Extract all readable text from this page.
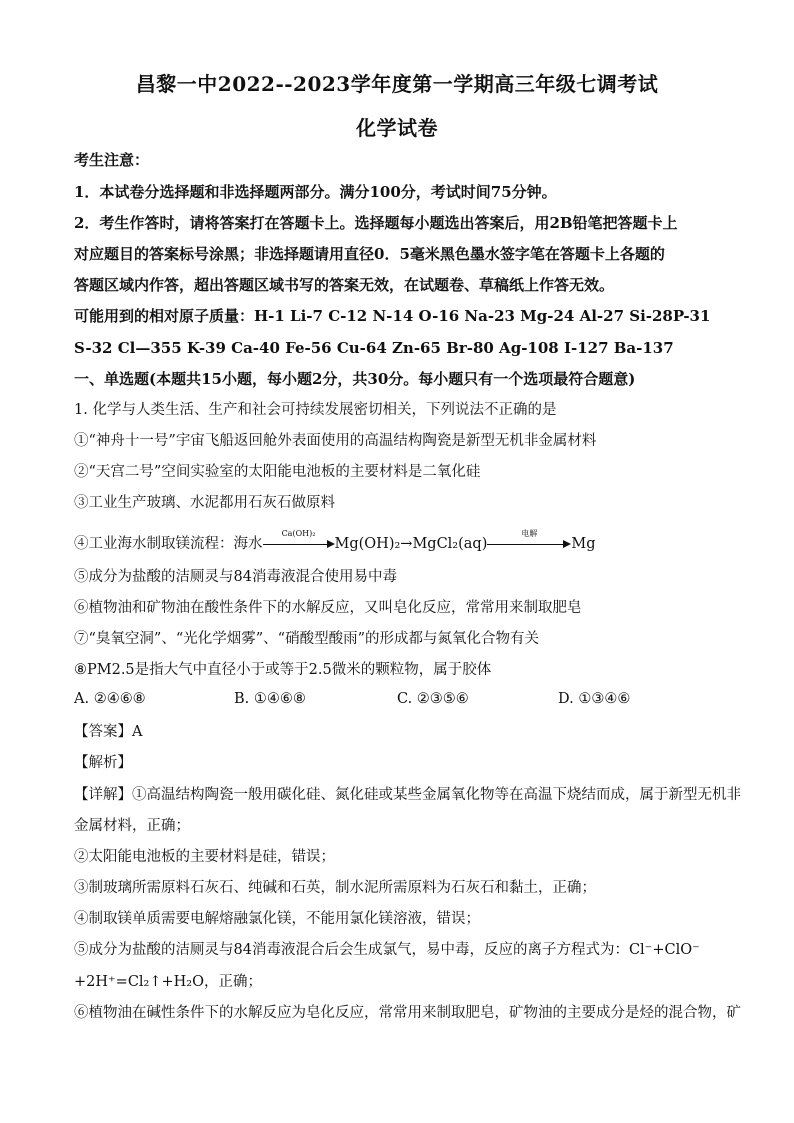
昌黎一中2022--2023学年度第一学期高三年级七调考试
化学试卷
考生注意：
1．本试卷分选择题和非选择题两部分。满分100分，考试时间75分钟。
2．考生作答时，请将答案打在答题卡上。选择题每小题选出答案后，用2B铅笔把答题卡上
对应题目的答案标号涂黑；非选择题请用直径0．5毫米黑色墨水签字笔在答题卡上各题的
答题区域内作答，超出答题区域书写的答案无效，在试题卷、草稿纸上作答无效。
可能用到的相对原子质量：H-1 Li-7 C-12 N-14 O-16 Na-23 Mg-24 Al-27 Si-28P-31
S-32 Cl—355 K-39 Ca-40 Fe-56 Cu-64 Zn-65 Br-80 Ag-108 I-127 Ba-137
一、单选题(本题共15小题，每小题2分，共30分。每小题只有一个选项最符合题意)
1. 化学与人类生活、生产和社会可持续发展密切相关，下列说法不正确的是
①“神舟十一号”宇宙飞船返回舱外表面使用的高温结构陶瓷是新型无机非金属材料
②“天宫二号”空间实验室的太阳能电池板的主要材料是二氧化硅
③工业生产玻璃、水泥都用石灰石做原料
④工业海水制取镁流程：海水
Ca(OH)₂
Mg(OH)₂→MgCl₂(aq)
电解
Mg
⑤成分为盐酸的洁厕灵与84消毒液混合使用易中毒
⑥植物油和矿物油在酸性条件下的水解反应，又叫皂化反应，常常用来制取肥皂
⑦“臭氧空洞”、“光化学烟雾”、“硝酸型酸雨”的形成都与氮氧化合物有关
⑧PM2.5是指大气中直径小于或等于2.5微米的颗粒物，属于胶体
A. ②④⑥⑧	B. ①④⑥⑧	C. ②③⑤⑥	D. ①③④⑥
【答案】A
【解析】
【详解】①高温结构陶瓷一般用碳化硅、氮化硅或某些金属氧化物等在高温下烧结而成，属于新型无机非
金属材料，正确；
②太阳能电池板的主要材料是硅，错误；
③制玻璃所需原料石灰石、纯碱和石英，制水泥所需原料为石灰石和黏土，正确；
④制取镁单质需要电解熔融氯化镁，不能用氯化镁溶液，错误；
⑤成分为盐酸的洁厕灵与84消毒液混合后会生成氯气，易中毒，反应的离子方程式为：Cl⁻+ClO⁻
+2H⁺=Cl₂↑+H₂O，正确；
⑥植物油在碱性条件下的水解反应为皂化反应，常常用来制取肥皂，矿物油的主要成分是烃的混合物，矿
